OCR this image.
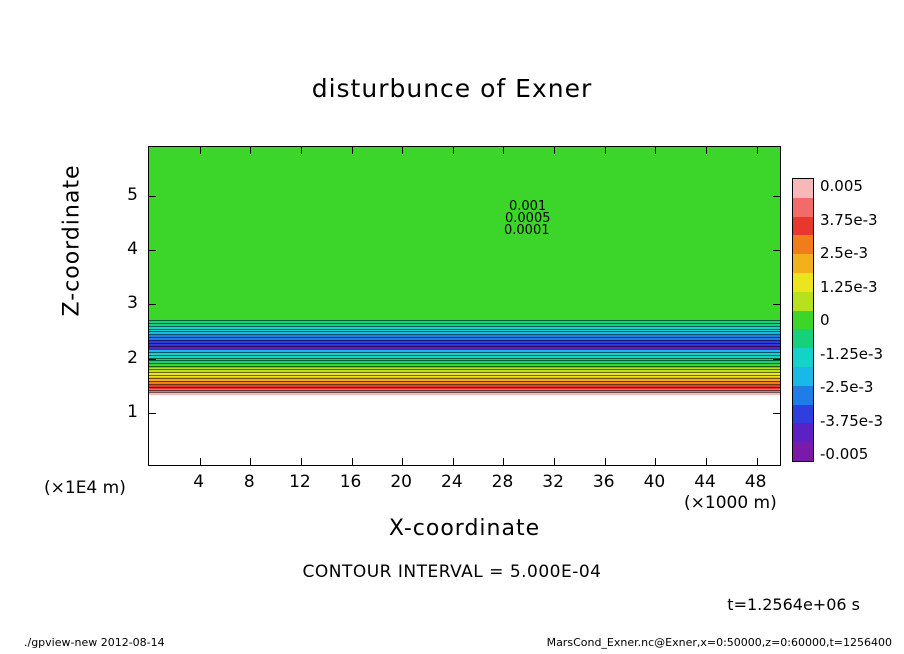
disturbunce of Exner
0.001
0.0005
0.0001
4 8 12 16 20 24 28 32 36 40 44 48
1
2
3
4
5
Z-coordinate
X-coordinate
(×1E4 m)
(×1000 m)
0.005
3.75e-3
2.5e-3
1.25e-3
0
-1.25e-3
-2.5e-3
-3.75e-3
-0.005
CONTOUR INTERVAL = 5.000E-04
t=1.2564e+06 s
./gpview-new 2012-08-14	MarsCond_Exner.nc@Exner,x=0:50000,z=0:60000,t=1256400
